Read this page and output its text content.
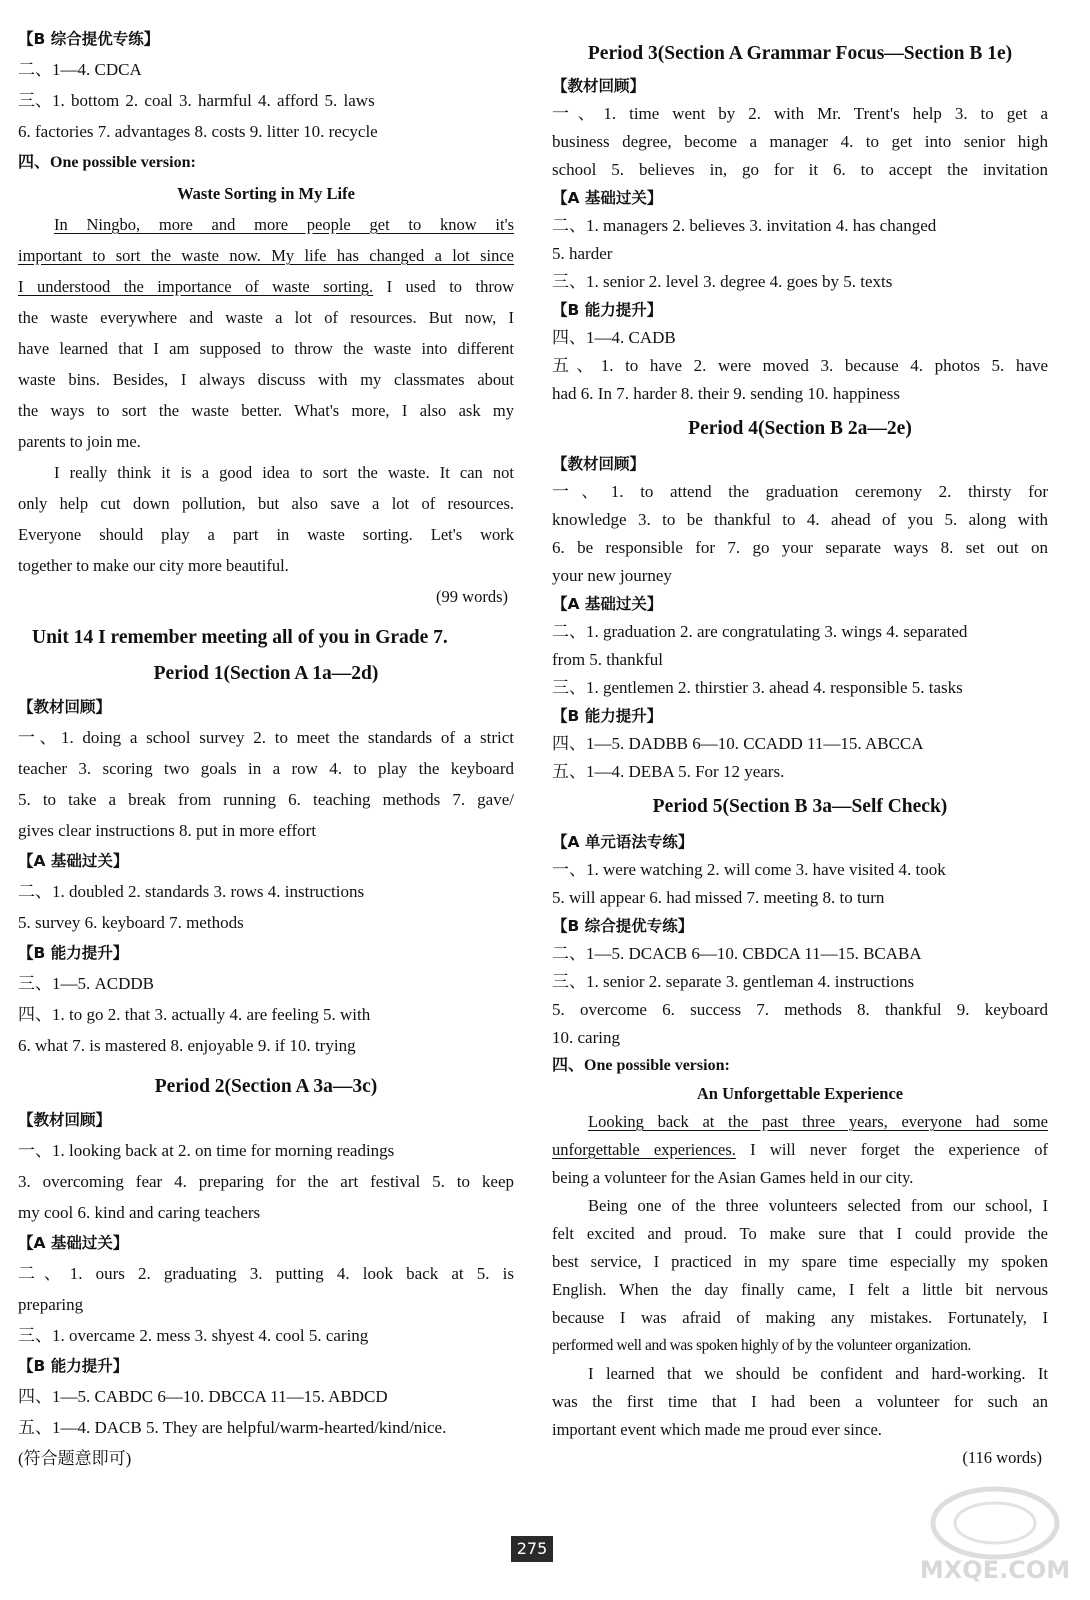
【B 综合提优专练】
二、1—4. CDCA
三、1. bottom 2. coal 3. harmful 4. afford 5. laws
6. factories 7. advantages 8. costs 9. litter 10. recycle
四、One possible version:
Waste Sorting in My Life
In Ningbo, more and more people get to know it's
important to sort the waste now. My life has changed a lot since
I understood the importance of waste sorting. I used to throw
the waste everywhere and waste a lot of resources. But now, I
have learned that I am supposed to throw the waste into different
waste bins. Besides, I always discuss with my classmates about
the ways to sort the waste better. What's more, I also ask my
parents to join me.
I really think it is a good idea to sort the waste. It can not
only help cut down pollution, but also save a lot of resources.
Everyone should play a part in waste sorting. Let's work
together to make our city more beautiful.
(99 words)
Unit 14 I remember meeting all of you in Grade 7.
Period 1(Section A 1a—2d)
【教材回顾】
一、1. doing a school survey 2. to meet the standards of a strict
teacher 3. scoring two goals in a row 4. to play the keyboard
5. to take a break from running 6. teaching methods 7. gave/
gives clear instructions 8. put in more effort
【A 基础过关】
二、1. doubled 2. standards 3. rows 4. instructions
5. survey 6. keyboard 7. methods
【B 能力提升】
三、1—5. ACDDB
四、1. to go 2. that 3. actually 4. are feeling 5. with
6. what 7. is mastered 8. enjoyable 9. if 10. trying
Period 2(Section A 3a—3c)
【教材回顾】
一、1. looking back at 2. on time for morning readings
3. overcoming fear 4. preparing for the art festival 5. to keep
my cool 6. kind and caring teachers
【A 基础过关】
二、1. ours 2. graduating 3. putting 4. look back at 5. is
preparing
三、1. overcame 2. mess 3. shyest 4. cool 5. caring
【B 能力提升】
四、1—5. CABDC 6—10. DBCCA 11—15. ABDCD
五、1—4. DACB 5. They are helpful/warm-hearted/kind/nice.
(符合题意即可)
Period 3(Section A Grammar Focus—Section B 1e)
【教材回顾】
一、1. time went by 2. with Mr. Trent's help 3. to get a
business degree, become a manager 4. to get into senior high
school 5. believes in, go for it 6. to accept the invitation
【A 基础过关】
二、1. managers 2. believes 3. invitation 4. has changed
5. harder
三、1. senior 2. level 3. degree 4. goes by 5. texts
【B 能力提升】
四、1—4. CADB
五、1. to have 2. were moved 3. because 4. photos 5. have
had 6. In 7. harder 8. their 9. sending 10. happiness
Period 4(Section B 2a—2e)
【教材回顾】
一、1. to attend the graduation ceremony 2. thirsty for
knowledge 3. to be thankful to 4. ahead of you 5. along with
6. be responsible for 7. go your separate ways 8. set out on
your new journey
【A 基础过关】
二、1. graduation 2. are congratulating 3. wings 4. separated
from 5. thankful
三、1. gentlemen 2. thirstier 3. ahead 4. responsible 5. tasks
【B 能力提升】
四、1—5. DADBB 6—10. CCADD 11—15. ABCCA
五、1—4. DEBA 5. For 12 years.
Period 5(Section B 3a—Self Check)
【A 单元语法专练】
一、1. were watching 2. will come 3. have visited 4. took
5. will appear 6. had missed 7. meeting 8. to turn
【B 综合提优专练】
二、1—5. DCACB 6—10. CBDCA 11—15. BCABA
三、1. senior 2. separate 3. gentleman 4. instructions
5. overcome 6. success 7. methods 8. thankful 9. keyboard
10. caring
四、One possible version:
An Unforgettable Experience
Looking back at the past three years, everyone had some
unforgettable experiences. I will never forget the experience of
being a volunteer for the Asian Games held in our city.
Being one of the three volunteers selected from our school, I
felt excited and proud. To make sure that I could provide the
best service, I practiced in my spare time especially my spoken
English. When the day finally came, I felt a little bit nervous
because I was afraid of making any mistakes. Fortunately, I
performed well and was spoken highly of by the volunteer organization.
I learned that we should be confident and hard-working. It
was the first time that I had been a volunteer for such an
important event which made me proud ever since.
(116 words)
275
MXQE.COM
